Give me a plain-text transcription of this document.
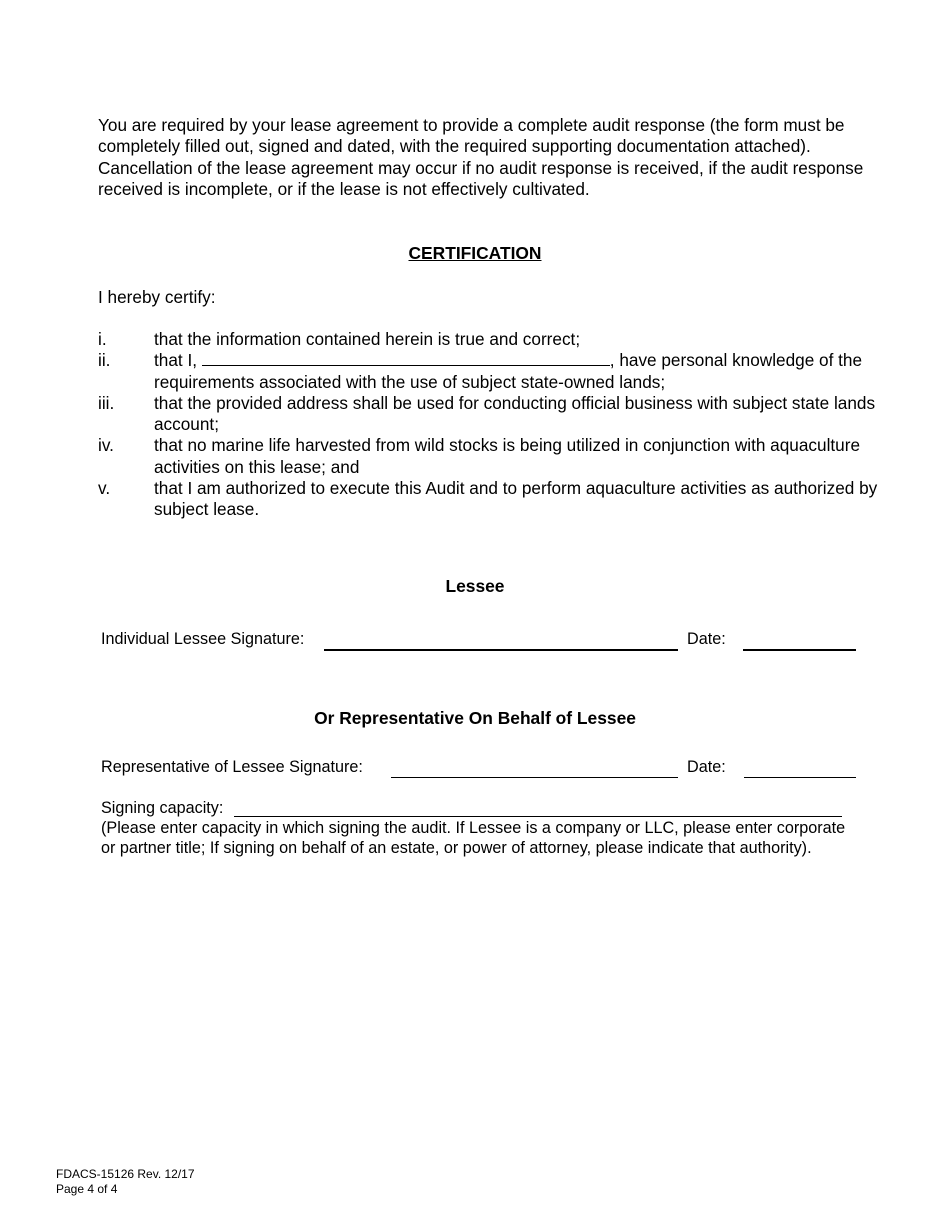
You are required by your lease agreement to provide a complete audit response (the form must be completely filled out, signed and dated, with the required supporting documentation attached). Cancellation of the lease agreement may occur if no audit response is received, if the audit response received is incomplete, or if the lease is not effectively cultivated.

CERTIFICATION

I hereby certify:

i.	that the information contained herein is true and correct;
ii.	that I,	, have personal knowledge of the requirements associated with the use of subject state-owned lands;
iii.	that the provided address shall be used for conducting official business with subject state lands account;
iv.	that no marine life harvested from wild stocks is being utilized in conjunction with aquaculture activities on this lease; and
v.	that I am authorized to execute this Audit and to perform aquaculture activities as authorized by subject lease.
Lessee
Individual Lessee Signature:	Date:
Or Representative On Behalf of Lessee
Representative of Lessee Signature:	Date:
Signing capacity:

(Please enter capacity in which signing the audit. If Lessee is a company or LLC, please enter corporate or partner title; If signing on behalf of an estate, or power of attorney, please indicate that authority).

FDACS-15126 Rev. 12/17
Page 4 of 4
